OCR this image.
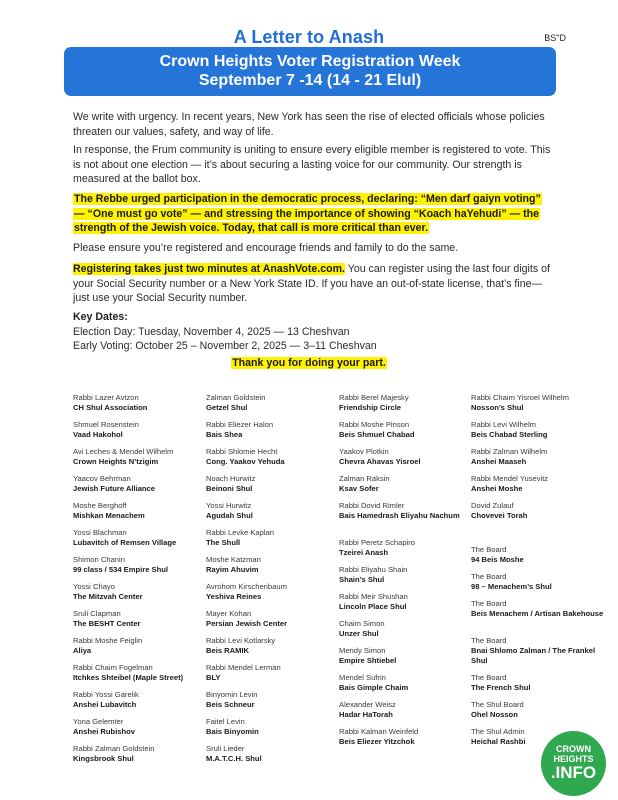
A Letter to Anash	BS"D
Crown Heights Voter Registration Week
September 7 -14 (14 - 21 Elul)
We write with urgency. In recent years, New York has seen the rise of elected officials whose policies threaten our values, safety, and way of life.
In response, the Frum community is uniting to ensure every eligible member is registered to vote. This is not about one election — it’s about securing a lasting voice for our community. Our strength is measured at the ballot box.
The Rebbe urged participation in the democratic process, declaring: “Men darf gaiyn voting” — “One must go vote” — and stressing the importance of showing “Koach haYehudi” — the strength of the Jewish voice. Today, that call is more critical than ever.
Please ensure you’re registered and encourage friends and family to do the same.
Registering takes just two minutes at AnashVote.com. You can register using the last four digits of your Social Security number or a New York State ID. If you have an out-of-state license, that’s fine—just use your Social Security number.
Key Dates:
Election Day: Tuesday, November 4, 2025 — 13 Cheshvan
Early Voting: October 25 – November 2, 2025 — 3–11 Cheshvan
Thank you for doing your part.
Rabbi Lazer Avtzon
CH Shul Association
Shmuel Rosenstein
Vaad Hakohol
Avi Leches & Mendel Wilhelm
Crown Heights N’tzigim
Yaacov Behrman
Jewish Future Alliance
Moshe Berghoff
Mishkan Menachem
Yossi Blachman
Lubavitch of Remsen Village
Shimon Chanin
99 class / 534 Empire Shul
Yossi Chayo
The Mitzvah Center
Sruli Clapman
The BESHT Center
Rabbi Moshe Feiglin
Aliya
Rabbi Chaim Fogelman
Itchkes Shteibel (Maple Street)
Rabbi Yossi Garelik
Anshei Lubavitch
Yona Gelemter
Anshei Rubishov
Rabbi Zalman Goldstein
Kingsbrook Shul
Zalman Goldstein
Getzel Shul
Rabbi Eliezer Halon
Bais Shea
Rabbi Shlomie Hecht
Cong. Yaakov Yehuda
Noach Hurwitz
Beinoni Shul
Yossi Hurwitz
Agudah Shul
Rabbi Levke Kaplan
The Shull
Moshe Katzman
Rayim Ahuvim
Avrohom Kirschenbaum
Yeshiva Reines
Mayer Kohan
Persian Jewish Center
Rabbi Levi Kotlarsky
Beis RAMIK
Rabbi Mendel Lerman
BLY
Binyomin Levin
Beis Schneur
Faitel Levin
Bais Binyomin
Sruli Lieder
M.A.T.C.H. Shul
Rabbi Berel Majesky
Friendship Circle
Rabbi Moshe Pinson
Beis Shmuel Chabad
Yaakov Plotkin
Chevra Ahavas Yisroel
Zalman Raksin
Ksav Sofer
Rabbi Dovid Rimler
Bais Hamedrash Eliyahu Nachum
Rabbi Peretz Schapiro
Tzeirei Anash
Rabbi Eliyahu Shain
Shain’s Shul
Rabbi Meir Shushan
Lincoln Place Shul
Chaim Simon
Unzer Shul
Mendy Simon
Empire Shtiebel
Mendel Sufrin
Bais Gimple Chaim
Alexander Weisz
Hadar HaTorah
Rabbi Kalman Weinfeld
Beis Eliezer Yitzchok
Rabbi Chaim Yisroel Wilhelm
Nosson’s Shul
Rabbi Levi Wilhelm
Beis Chabad Sterling
Rabbi Zalman Wilhelm
Anshei Maaseh
Rabbi Mendel Yusevitz
Anshei Moshe
Dovid Zulauf
Chovevei Torah
The Board
94 Beis Moshe
The Board
98 – Menachem’s Shul
The Board
Beis Menachem / Artisan Bakehouse
The Board
Bnai Shlomo Zalman / The Frankel Shul
The Board
The French Shul
The Shul Board
Ohel Nosson
The Shul Admin
Heichal Rashbi
CROWN HEIGHTS
.INFO
